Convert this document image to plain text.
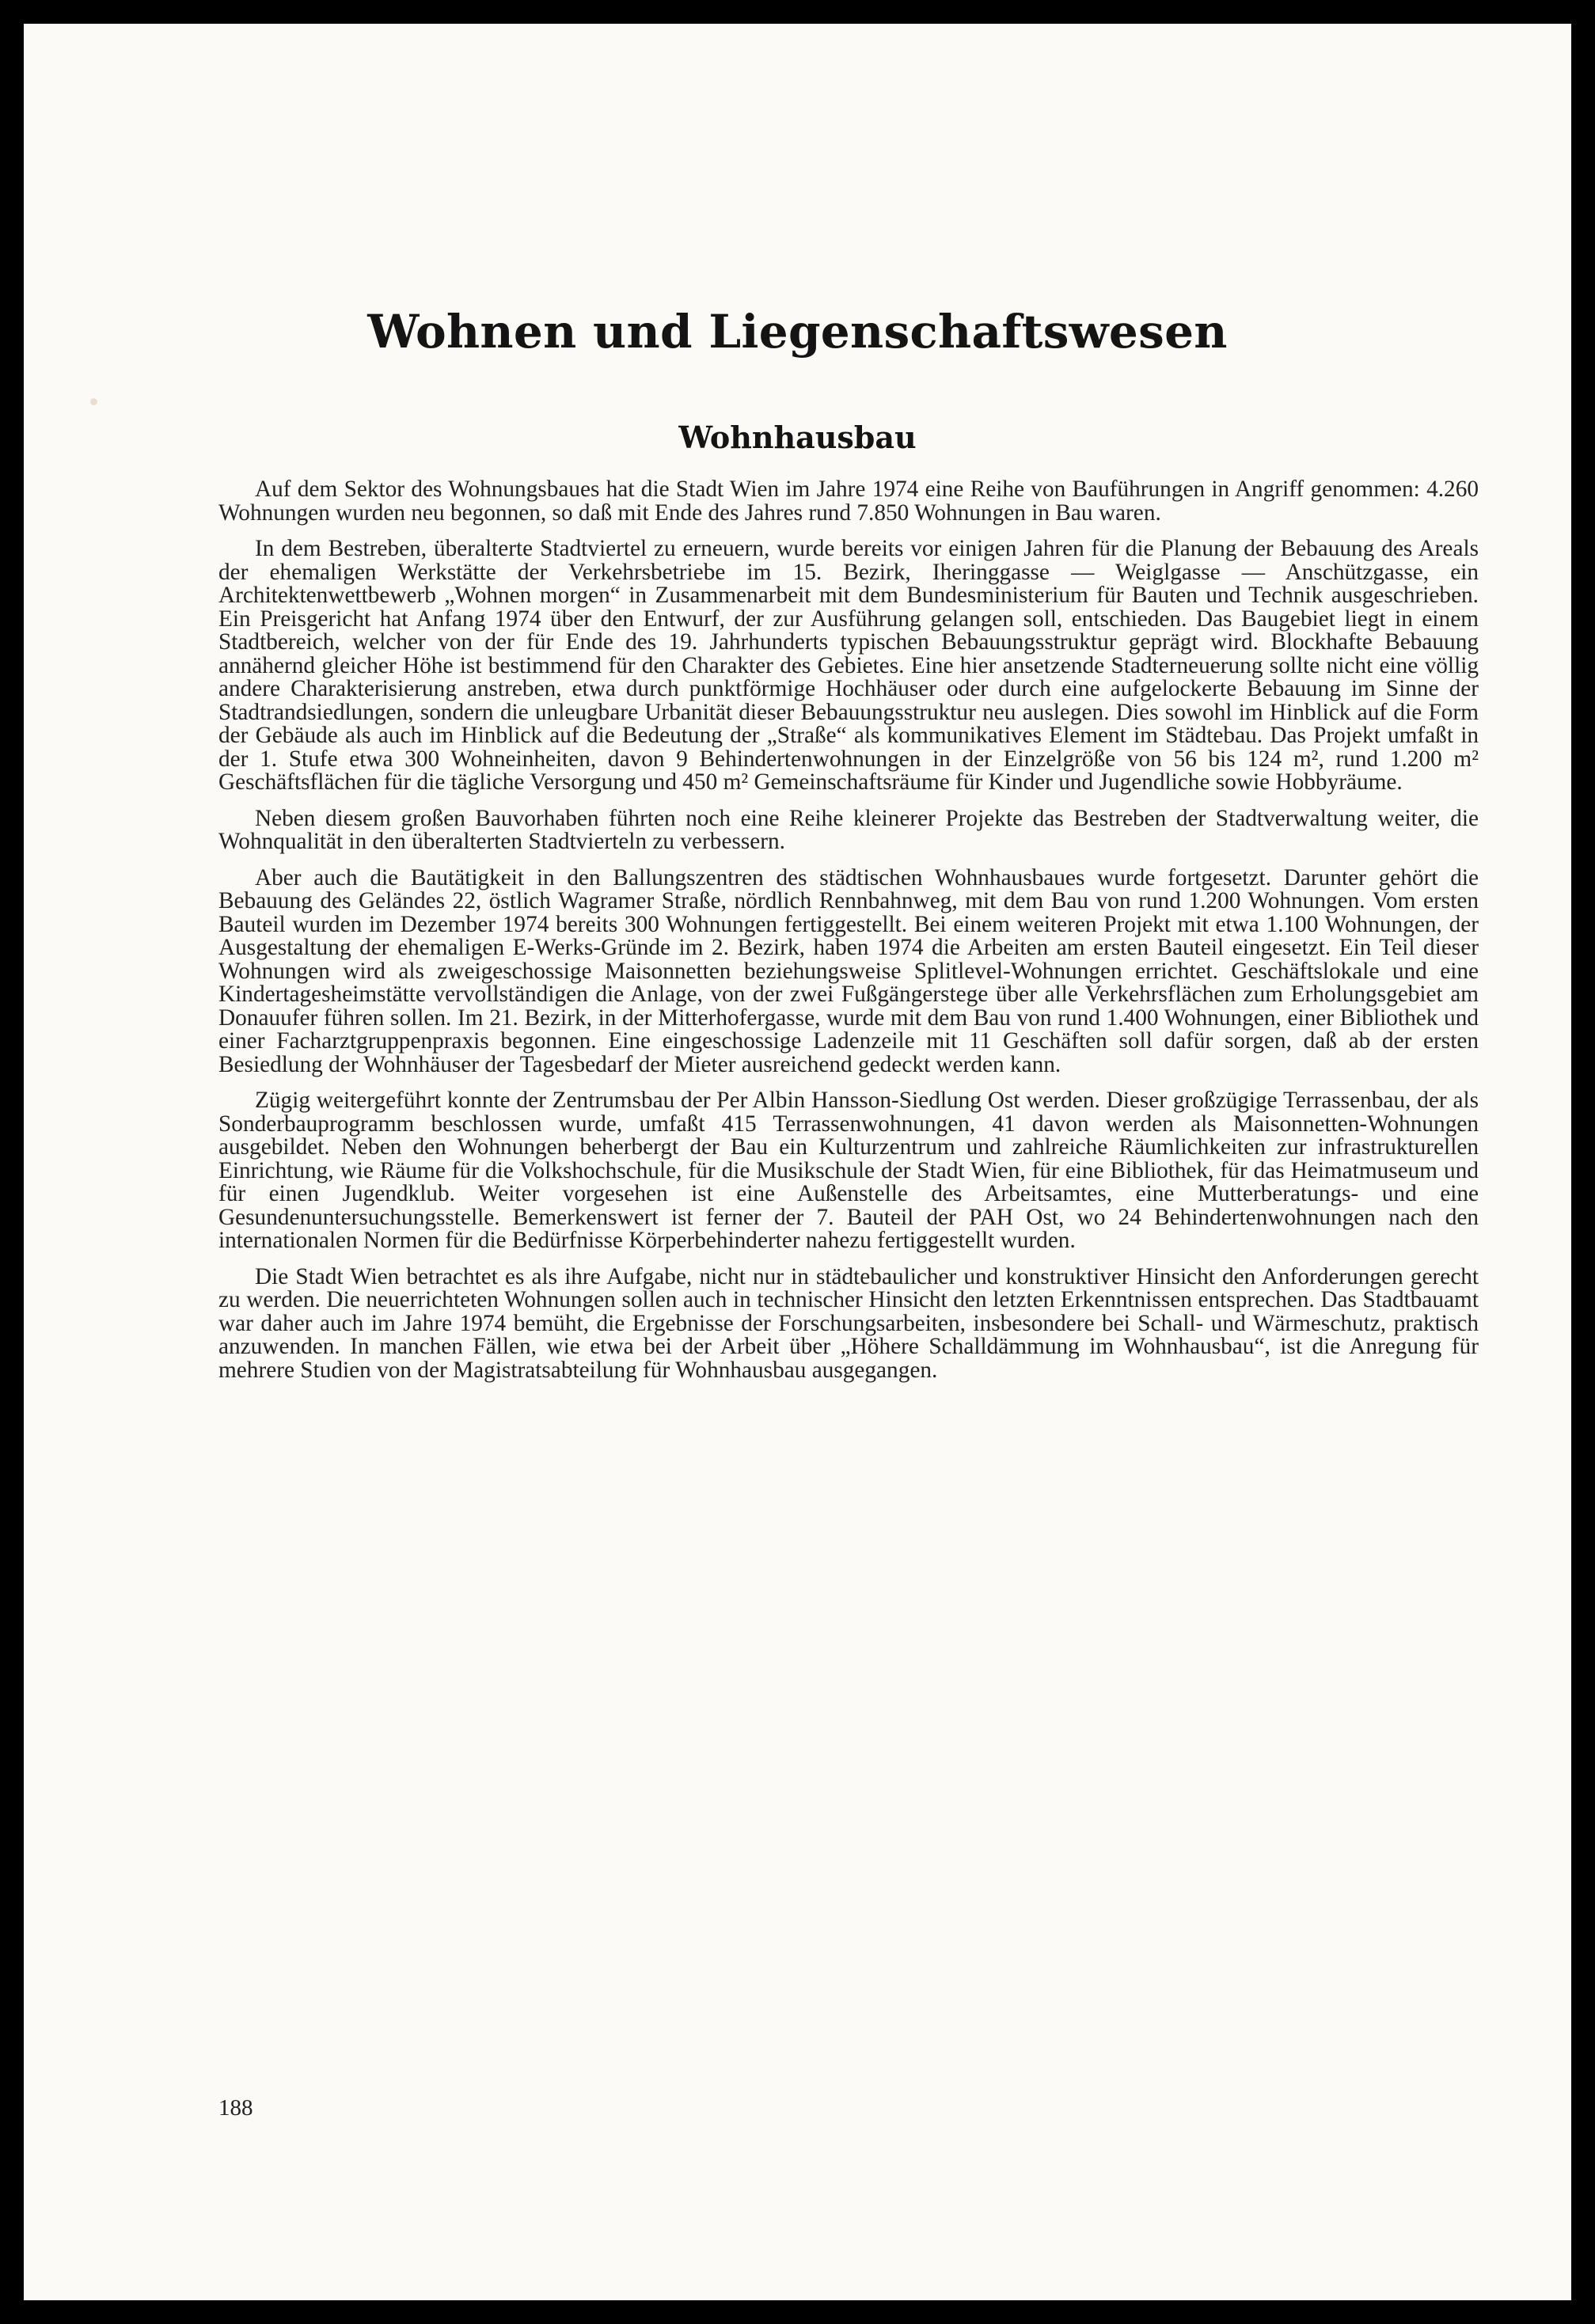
Wohnen und Liegenschaftswesen
Wohnhausbau

Auf dem Sektor des Wohnungsbaues hat die Stadt Wien im Jahre 1974 eine Reihe von Bauführungen in Angriff genommen: 4.260 Wohnungen wurden neu begonnen, so daß mit Ende des Jahres rund 7.850 Wohnungen in Bau waren.

In dem Bestreben, überalterte Stadtviertel zu erneuern, wurde bereits vor einigen Jahren für die Planung der Bebauung des Areals der ehemaligen Werkstätte der Verkehrsbetriebe im 15. Bezirk, Iheringgasse — Weiglgasse — Anschützgasse, ein Architektenwettbewerb „Wohnen morgen“ in Zusammenarbeit mit dem Bundesministerium für Bauten und Technik ausgeschrieben. Ein Preisgericht hat Anfang 1974 über den Entwurf, der zur Ausführung gelangen soll, entschieden. Das Baugebiet liegt in einem Stadtbereich, welcher von der für Ende des 19. Jahrhunderts typischen Bebauungsstruktur geprägt wird. Blockhafte Bebauung annähernd gleicher Höhe ist bestimmend für den Charakter des Gebietes. Eine hier ansetzende Stadterneuerung sollte nicht eine völlig andere Charakterisierung anstreben, etwa durch punktförmige Hochhäuser oder durch eine aufgelockerte Bebauung im Sinne der Stadtrandsiedlungen, sondern die unleugbare Urbanität dieser Bebauungsstruktur neu auslegen. Dies sowohl im Hinblick auf die Form der Gebäude als auch im Hinblick auf die Bedeutung der „Straße“ als kommunikatives Element im Städtebau. Das Projekt umfaßt in der 1. Stufe etwa 300 Wohneinheiten, davon 9 Behindertenwohnungen in der Einzelgröße von 56 bis 124 m², rund 1.200 m² Geschäftsflächen für die tägliche Versorgung und 450 m² Gemeinschaftsräume für Kinder und Jugendliche sowie Hobbyräume.

Neben diesem großen Bauvorhaben führten noch eine Reihe kleinerer Projekte das Bestreben der Stadtverwaltung weiter, die Wohnqualität in den überalterten Stadtvierteln zu verbessern.

Aber auch die Bautätigkeit in den Ballungszentren des städtischen Wohnhausbaues wurde fortgesetzt. Darunter gehört die Bebauung des Geländes 22, östlich Wagramer Straße, nördlich Rennbahnweg, mit dem Bau von rund 1.200 Wohnungen. Vom ersten Bauteil wurden im Dezember 1974 bereits 300 Wohnungen fertiggestellt. Bei einem weiteren Projekt mit etwa 1.100 Wohnungen, der Ausgestaltung der ehemaligen E-Werks-Gründe im 2. Bezirk, haben 1974 die Arbeiten am ersten Bauteil eingesetzt. Ein Teil dieser Wohnungen wird als zweigeschossige Maisonnetten beziehungsweise Splitlevel-Wohnungen errichtet. Geschäftslokale und eine Kindertagesheimstätte vervollständigen die Anlage, von der zwei Fußgängerstege über alle Verkehrsflächen zum Erholungsgebiet am Donauufer führen sollen. Im 21. Bezirk, in der Mitterhofergasse, wurde mit dem Bau von rund 1.400 Wohnungen, einer Bibliothek und einer Facharztgruppenpraxis begonnen. Eine eingeschossige Ladenzeile mit 11 Geschäften soll dafür sorgen, daß ab der ersten Besiedlung der Wohnhäuser der Tagesbedarf der Mieter ausreichend gedeckt werden kann.

Zügig weitergeführt konnte der Zentrumsbau der Per Albin Hansson-Siedlung Ost werden. Dieser großzügige Terrassenbau, der als Sonderbauprogramm beschlossen wurde, umfaßt 415 Terrassenwohnungen, 41 davon werden als Maisonnetten-Wohnungen ausgebildet. Neben den Wohnungen beherbergt der Bau ein Kulturzentrum und zahlreiche Räumlichkeiten zur infrastrukturellen Einrichtung, wie Räume für die Volkshochschule, für die Musikschule der Stadt Wien, für eine Bibliothek, für das Heimatmuseum und für einen Jugendklub. Weiter vorgesehen ist eine Außenstelle des Arbeitsamtes, eine Mutterberatungs- und eine Gesundenuntersuchungsstelle. Bemerkenswert ist ferner der 7. Bauteil der PAH Ost, wo 24 Behindertenwohnungen nach den internationalen Normen für die Bedürfnisse Körperbehinderter nahezu fertiggestellt wurden.

Die Stadt Wien betrachtet es als ihre Aufgabe, nicht nur in städtebaulicher und konstruktiver Hinsicht den Anforderungen gerecht zu werden. Die neuerrichteten Wohnungen sollen auch in technischer Hinsicht den letzten Erkenntnissen entsprechen. Das Stadtbauamt war daher auch im Jahre 1974 bemüht, die Ergebnisse der Forschungsarbeiten, insbesondere bei Schall- und Wärmeschutz, praktisch anzuwenden. In manchen Fällen, wie etwa bei der Arbeit über „Höhere Schalldämmung im Wohnhausbau“, ist die Anregung für mehrere Studien von der Magistratsabteilung für Wohnhausbau ausgegangen.

188
